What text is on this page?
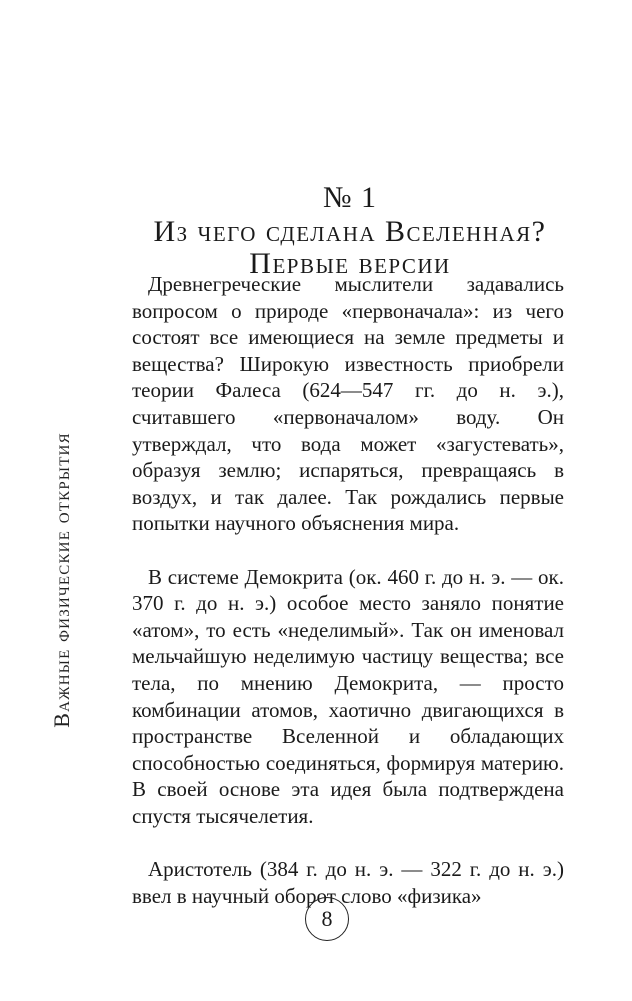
Важные физические открытия
№ 1
Из чего сделана Вселенная?
Первые версии

Древнегреческие мыслители задавались вопросом о природе «первоначала»: из чего состоят все имеющиеся на земле предметы и вещества? Широкую известность приобрели теории Фалеса (624—547 гг. до н. э.), считавшего «первоначалом» воду. Он утверждал, что вода может «загустевать», образуя землю; испаряться, превращаясь в воздух, и так далее. Так рождались первые попытки научного объяснения мира.

В системе Демокрита (ок. 460 г. до н. э. — ок. 370 г. до н. э.) особое место заняло понятие «атом», то есть «неделимый». Так он именовал мельчайшую неделимую частицу вещества; все тела, по мнению Демокрита, — просто комбинации атомов, хаотично двигающихся в пространстве Вселенной и обладающих способностью соединяться, формируя материю. В своей основе эта идея была подтверждена спустя тысячелетия.

Аристотель (384 г. до н. э. — 322 г. до н. э.) ввел в научный оборот слово «физика»

8
